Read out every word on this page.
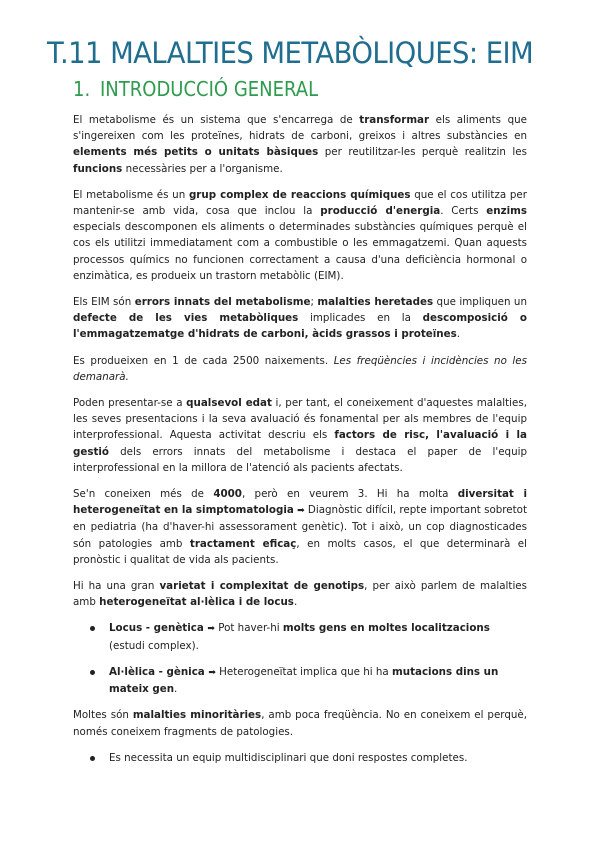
T.11 MALALTIES METABÒLIQUES: EIM
1. INTRODUCCIÓ GENERAL

El metabolisme és un sistema que s'encarrega de transformar els aliments que s'ingereixen com les proteïnes, hidrats de carboni, greixos i altres substàncies en elements més petits o unitats bàsiques per reutilitzar-les perquè realitzin les funcions necessàries per a l'organisme.

El metabolisme és un grup complex de reaccions químiques que el cos utilitza per mantenir-se amb vida, cosa que inclou la producció d'energia. Certs enzims especials descomponen els aliments o determinades substàncies químiques perquè el cos els utilitzi immediatament com a combustible o les emmagatzemi. Quan aquests processos químics no funcionen correctament a causa d'una deficiència hormonal o enzimàtica, es produeix un trastorn metabòlic (EIM).

Els EIM són errors innats del metabolisme; malalties heretades que impliquen un defecte de les vies metabòliques implicades en la descomposició o l'emmagatzematge d'hidrats de carboni, àcids grassos i proteïnes.

Es produeixen en 1 de cada 2500 naixements. Les freqüències i incidències no les demanarà.

Poden presentar-se a qualsevol edat i, per tant, el coneixement d'aquestes malalties, les seves presentacions i la seva avaluació és fonamental per als membres de l'equip interprofessional. Aquesta activitat descriu els factors de risc, l'avaluació i la gestió dels errors innats del metabolisme i destaca el paper de l'equip interprofessional en la millora de l'atenció als pacients afectats.

Se'n coneixen més de 4000, però en veurem 3. Hi ha molta diversitat i heterogeneïtat en la simptomatologia ➡ Diagnòstic difícil, repte important sobretot en pediatria (ha d'haver-hi assessorament genètic). Tot i això, un cop diagnosticades són patologies amb tractament eficaç, en molts casos, el que determinarà el pronòstic i qualitat de vida als pacients.

Hi ha una gran varietat i complexitat de genotips, per això parlem de malalties amb heterogeneïtat al·lèlica i de locus.

Locus - genètica ➡ Pot haver-hi molts gens en moltes localitzacions (estudi complex).
Al·lèlica - gènica ➡ Heterogeneïtat implica que hi ha mutacions dins un mateix gen.

Moltes són malalties minoritàries, amb poca freqüència. No en coneixem el perquè, només coneixem fragments de patologies.

Es necessita un equip multidisciplinari que doni respostes completes.
